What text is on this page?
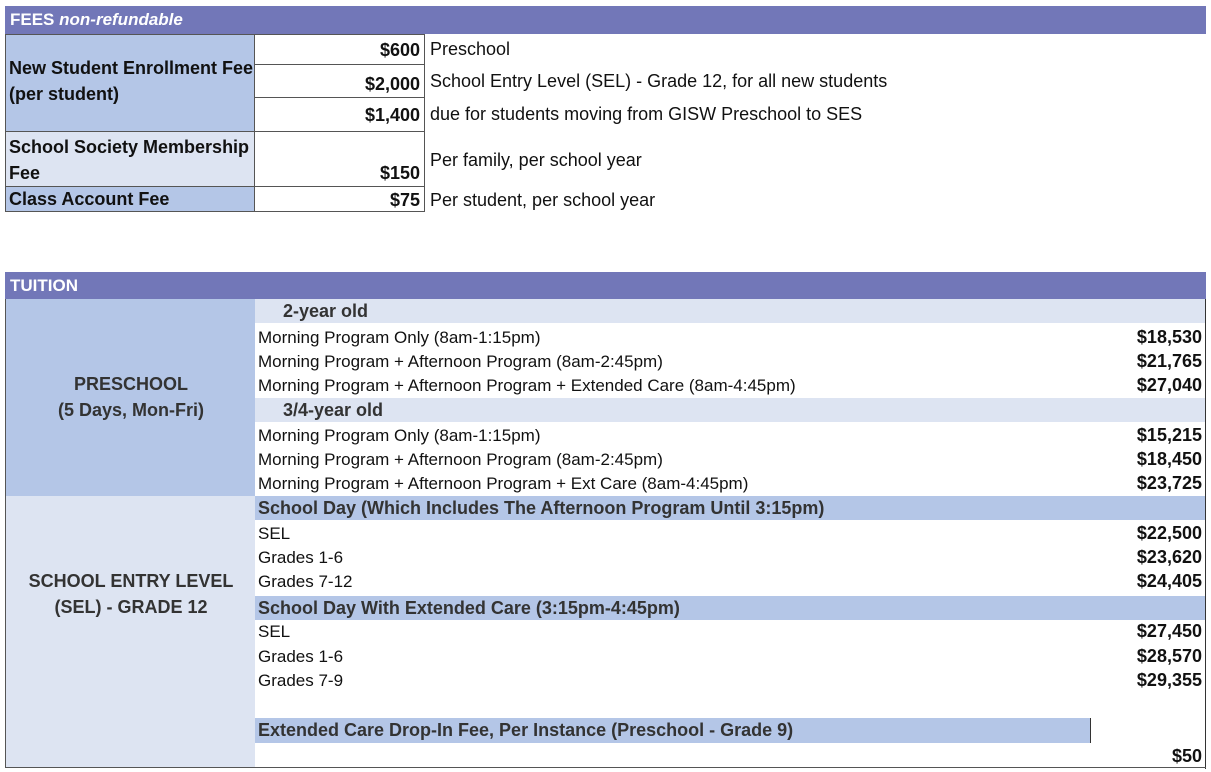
FEES non-refundable
New Student Enrollment Fee (per student)
$600
$2,000
$1,400
Preschool
School Entry Level (SEL) - Grade 12, for all new students
due for students moving from GISW Preschool to SES
School Society Membership Fee	$150
Per family, per school year
Class Account Fee	$75 Per student, per school year
TUITION
PRESCHOOL
(5 Days, Mon-Fri)
SCHOOL ENTRY LEVEL
(SEL) - GRADE 12
2-year old
3/4-year old
Morning Program Only (8am-1:15pm)
Morning Program + Afternoon Program (8am-2:45pm)
Morning Program + Afternoon Program + Extended Care (8am-4:45pm)
$18,530
$21,765
$27,040
Morning Program Only (8am-1:15pm)
Morning Program + Afternoon Program (8am-2:45pm)
Morning Program + Afternoon Program + Ext Care (8am-4:45pm)
$15,215
$18,450
$23,725
School Day (Which Includes The Afternoon Program Until 3:15pm)
School Day With Extended Care (3:15pm-4:45pm)
SEL
Grades 1-6
Grades 7-12
$22,500
$23,620
$24,405
SEL
Grades 1-6
Grades 7-9
$27,450
$28,570
$29,355
Extended Care Drop-In Fee, Per Instance (Preschool - Grade 9)
$50
